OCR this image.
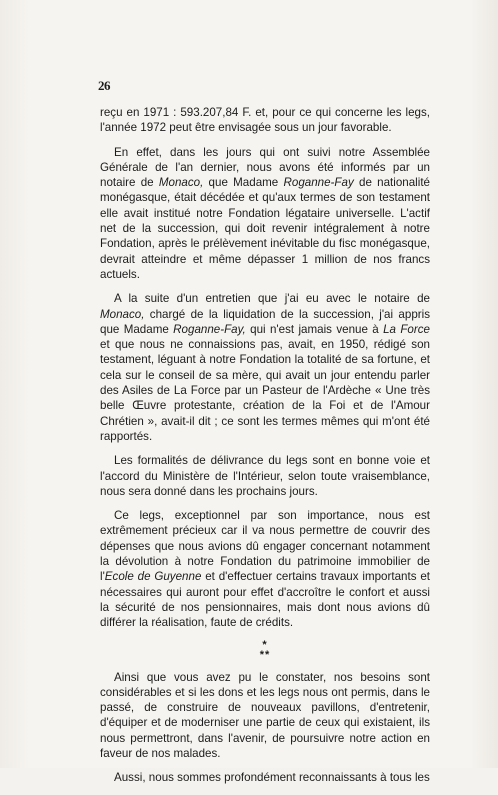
26

reçu en 1971 : 593.207,84 F. et, pour ce qui concerne les legs, l'année 1972 peut être envisagée sous un jour favorable.

En effet, dans les jours qui ont suivi notre Assemblée Générale de l'an dernier, nous avons été informés par un notaire de Monaco, que Madame Roganne-Fay de nationalité monégasque, était décédée et qu'aux termes de son testament elle avait institué notre Fondation légataire universelle. L'actif net de la succession, qui doit revenir intégralement à notre Fondation, après le prélèvement inévitable du fisc monégasque, devrait atteindre et même dépasser 1 million de nos francs actuels.

A la suite d'un entretien que j'ai eu avec le notaire de Monaco, chargé de la liquidation de la succession, j'ai appris que Madame Roganne-Fay, qui n'est jamais venue à La Force et que nous ne connaissions pas, avait, en 1950, rédigé son testament, léguant à notre Fondation la totalité de sa fortune, et cela sur le conseil de sa mère, qui avait un jour entendu parler des Asiles de La Force par un Pasteur de l'Ardèche « Une très belle Œuvre protestante, création de la Foi et de l'Amour Chrétien », avait-il dit ; ce sont les termes mêmes qui m'ont été rapportés.

Les formalités de délivrance du legs sont en bonne voie et l'accord du Ministère de l'Intérieur, selon toute vraisemblance, nous sera donné dans les prochains jours.

Ce legs, exceptionnel par son importance, nous est extrêmement précieux car il va nous permettre de couvrir des dépenses que nous avions dû engager concernant notamment la dévolution à notre Fondation du patrimoine immobilier de l'Ecole de Guyenne et d'effectuer certains travaux importants et nécessaires qui auront pour effet d'accroître le confort et aussi la sécurité de nos pensionnaires, mais dont nous avions dû différer la réalisation, faute de crédits.

*
**

Ainsi que vous avez pu le constater, nos besoins sont considérables et si les dons et les legs nous ont permis, dans le passé, de construire de nouveaux pavillons, d'entretenir, d'équiper et de moderniser une partie de ceux qui existaient, ils nous permettront, dans l'avenir, de poursuivre notre action en faveur de nos malades.

Aussi, nous sommes profondément reconnaissants à tous les
